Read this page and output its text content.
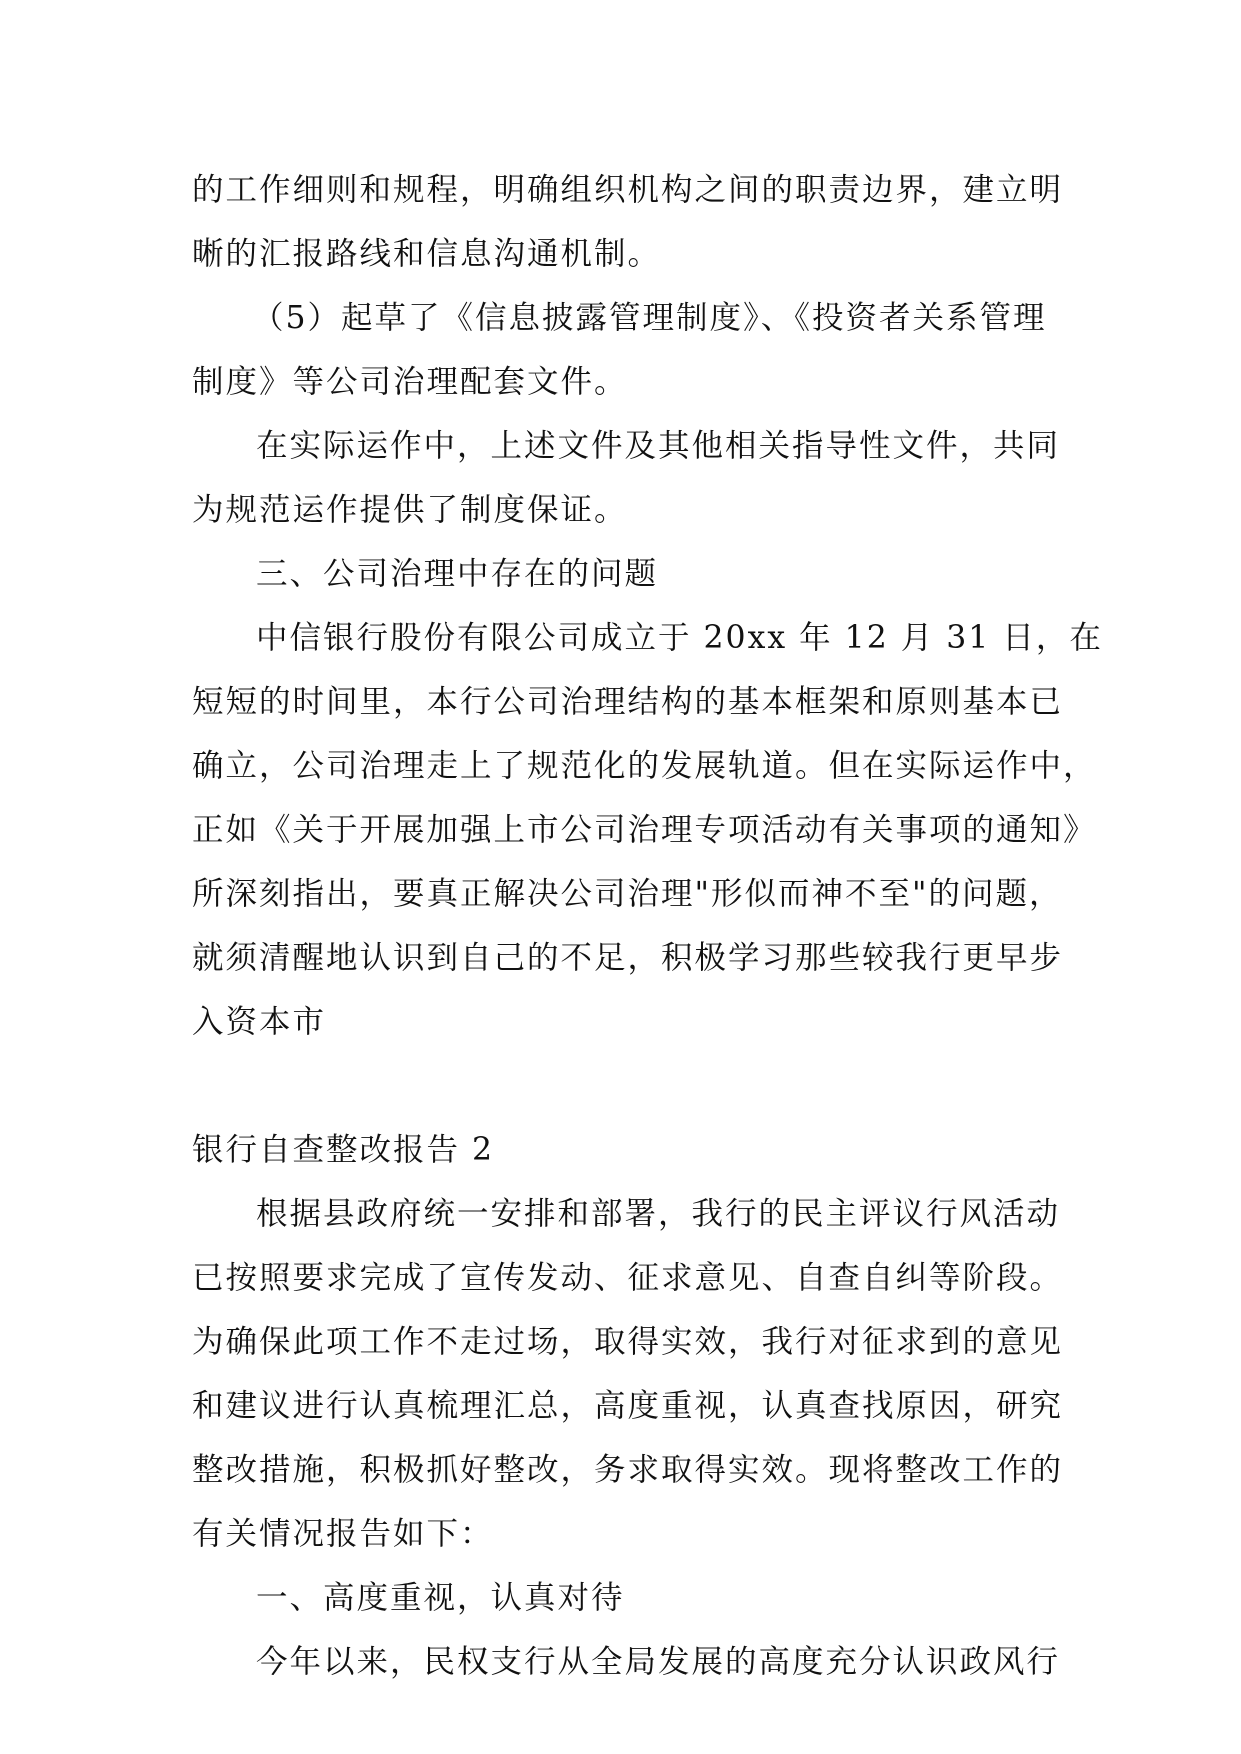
的工作细则和规程，明确组织机构之间的职责边界，建立明
晰的汇报路线和信息沟通机制。
（5）起草了《信息披露管理制度》、《投资者关系管理
制度》等公司治理配套文件。
在实际运作中，上述文件及其他相关指导性文件，共同
为规范运作提供了制度保证。
三、公司治理中存在的问题
中信银行股份有限公司成立于 20xx 年 12 月 31 日，在
短短的时间里，本行公司治理结构的基本框架和原则基本已
确立，公司治理走上了规范化的发展轨道。但在实际运作中，
正如《关于开展加强上市公司治理专项活动有关事项的通知》
所深刻指出，要真正解决公司治理"形似而神不至"的问题，
就须清醒地认识到自己的不足，积极学习那些较我行更早步
入资本市
银行自查整改报告 2
根据县政府统一安排和部署，我行的民主评议行风活动
已按照要求完成了宣传发动、征求意见、自查自纠等阶段。
为确保此项工作不走过场，取得实效，我行对征求到的意见
和建议进行认真梳理汇总，高度重视，认真查找原因，研究
整改措施，积极抓好整改，务求取得实效。现将整改工作的
有关情况报告如下：
一、高度重视，认真对待
今年以来，民权支行从全局发展的高度充分认识政风行
